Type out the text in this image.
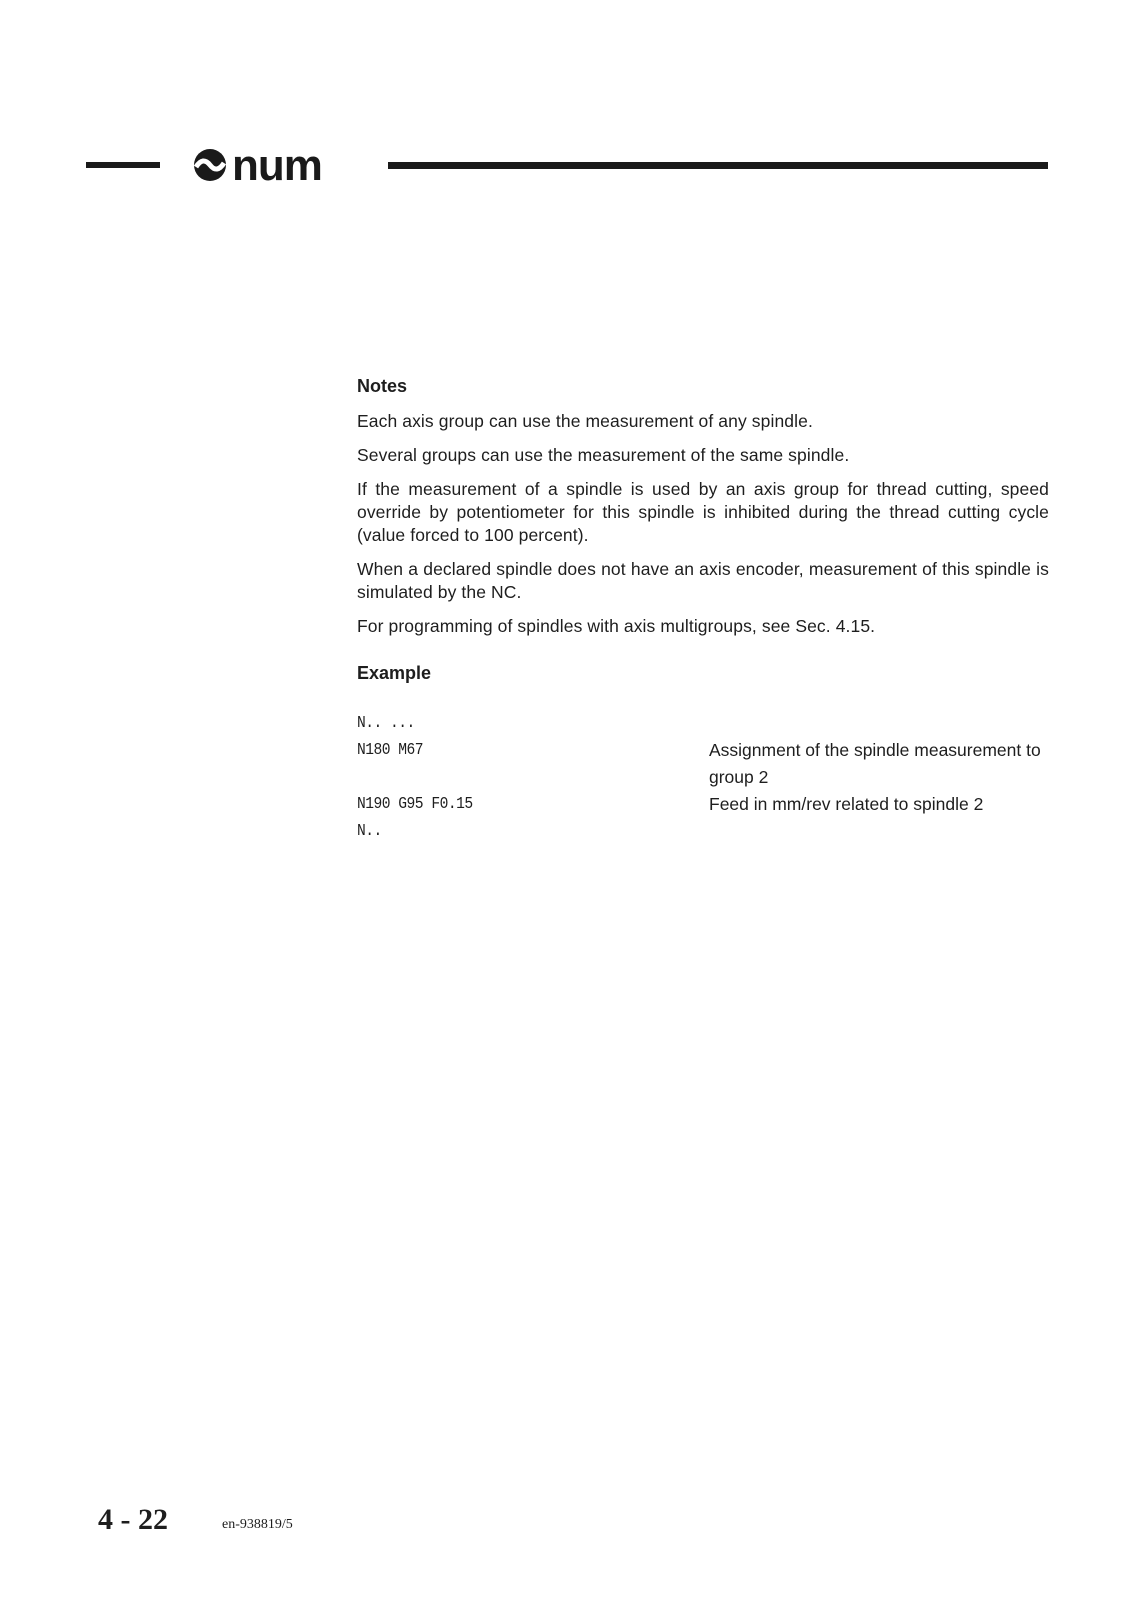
num
Notes

Each axis group can use the measurement of any spindle.

Several groups can use the measurement of the same spindle.

If the measurement of a spindle is used by an axis group for thread cutting, speed override by potentiometer for this spindle is inhibited during the thread cutting cycle (value forced to 100 percent).

When a declared spindle does not have an axis encoder, measurement of this spindle is simulated by the NC.

For programming of spindles with axis multigroups, see Sec. 4.15.

Example
N.. ...
N180 M67	Assignment of the spindle measurement to group 2
N190 G95 F0.15	Feed in mm/rev related to spindle 2
N..
4 - 22	en-938819/5
